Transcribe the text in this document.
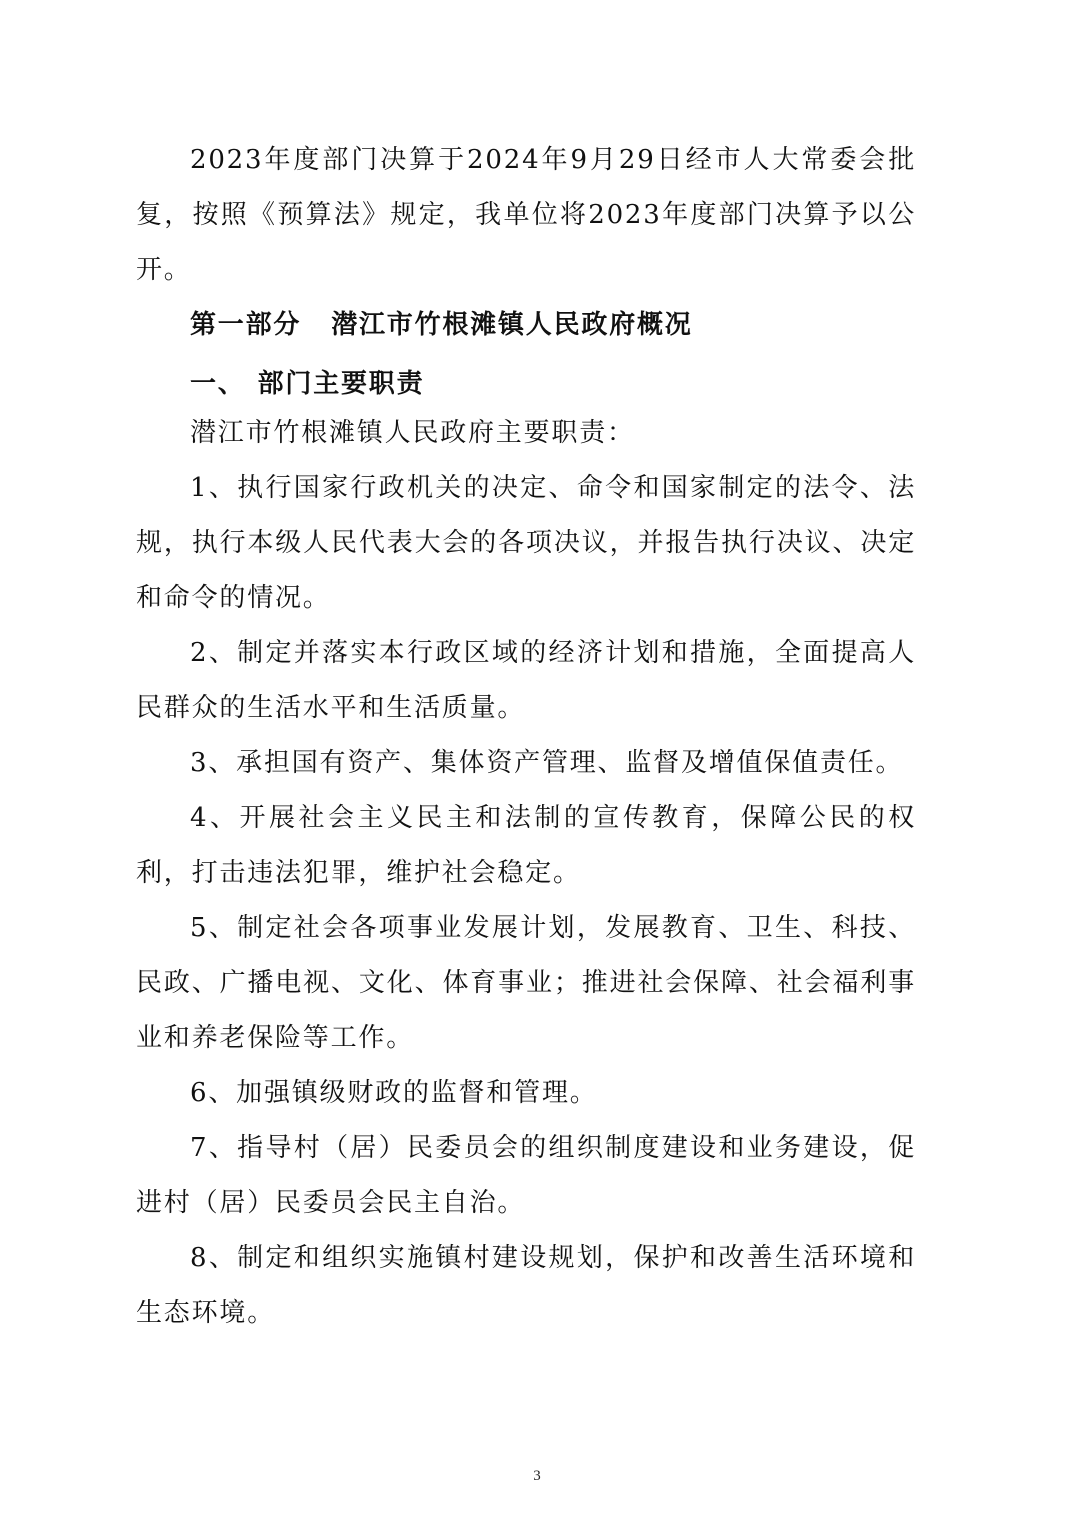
2023年度部门决算于2024年9月29日经市人大常委会批复，按照《预算法》规定，我单位将2023年度部门决算予以公开。

第一部分 潜江市竹根滩镇人民政府概况

一、 部门主要职责

潜江市竹根滩镇人民政府主要职责：

1、执行国家行政机关的决定、命令和国家制定的法令、法规，执行本级人民代表大会的各项决议，并报告执行决议、决定和命令的情况。

2、制定并落实本行政区域的经济计划和措施，全面提高人民群众的生活水平和生活质量。

3、承担国有资产、集体资产管理、监督及增值保值责任。

4、开展社会主义民主和法制的宣传教育，保障公民的权利，打击违法犯罪，维护社会稳定。

5、制定社会各项事业发展计划，发展教育、卫生、科技、民政、广播电视、文化、体育事业；推进社会保障、社会福利事业和养老保险等工作。

6、加强镇级财政的监督和管理。

7、指导村（居）民委员会的组织制度建设和业务建设，促进村（居）民委员会民主自治。

8、制定和组织实施镇村建设规划，保护和改善生活环境和生态环境。

3
